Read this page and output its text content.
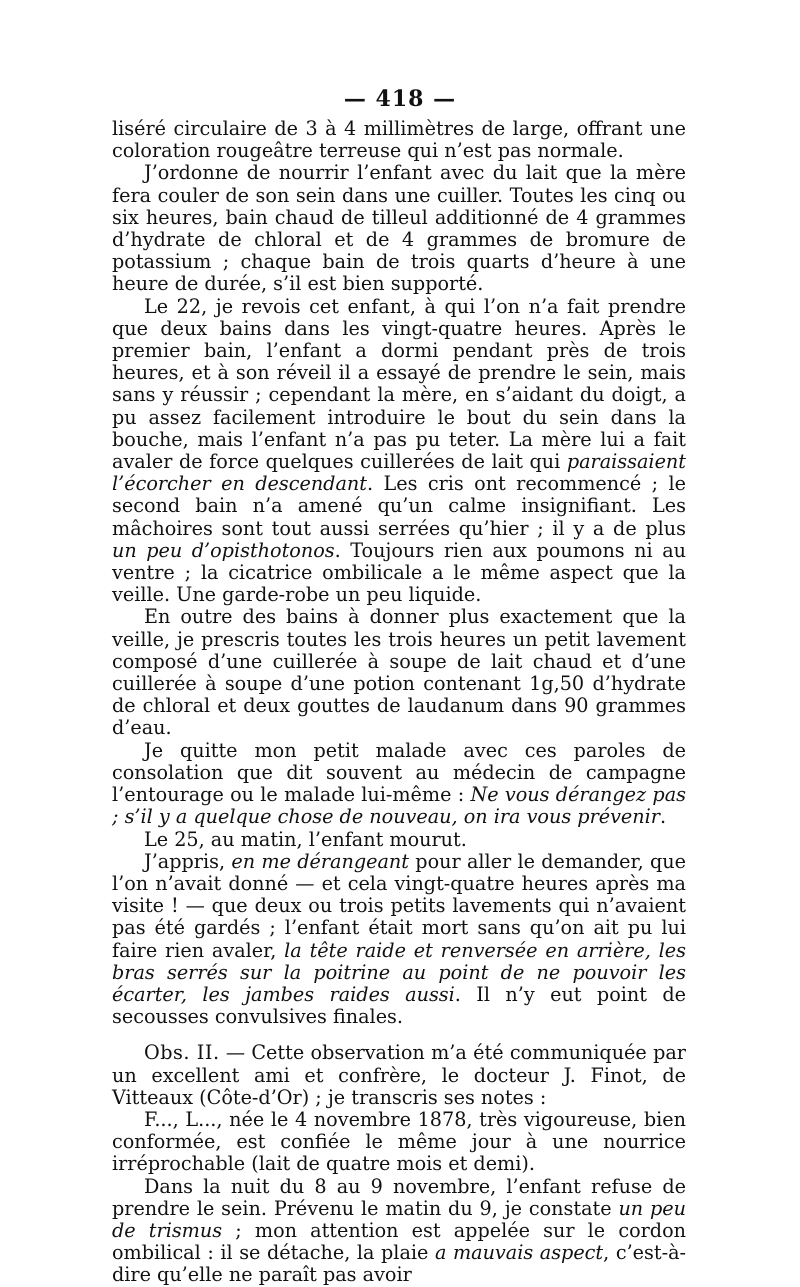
— 418 —

liséré circulaire de 3 à 4 millimètres de large, offrant une coloration rougeâtre terreuse qui n’est pas normale.

J’ordonne de nourrir l’enfant avec du lait que la mère fera couler de son sein dans une cuiller. Toutes les cinq ou six heures, bain chaud de tilleul additionné de 4 grammes d’hydrate de chloral et de 4 grammes de bromure de potassium ; chaque bain de trois quarts d’heure à une heure de durée, s’il est bien supporté.

Le 22, je revois cet enfant, à qui l’on n’a fait prendre que deux bains dans les vingt-quatre heures. Après le premier bain, l’enfant a dormi pendant près de trois heures, et à son réveil il a essayé de prendre le sein, mais sans y réussir ; cependant la mère, en s’aidant du doigt, a pu assez facilement introduire le bout du sein dans la bouche, mais l’enfant n’a pas pu teter. La mère lui a fait avaler de force quelques cuillerées de lait qui paraissaient l’écorcher en descendant. Les cris ont recommencé ; le second bain n’a amené qu’un calme insignifiant. Les mâchoires sont tout aussi serrées qu’hier ; il y a de plus un peu d’opisthotonos. Toujours rien aux poumons ni au ventre ; la cicatrice ombilicale a le même aspect que la veille. Une garde-robe un peu liquide.

En outre des bains à donner plus exactement que la veille, je prescris toutes les trois heures un petit lavement composé d’une cuillerée à soupe de lait chaud et d’une cuillerée à soupe d’une potion contenant 1g,50 d’hydrate de chloral et deux gouttes de laudanum dans 90 grammes d’eau.

Je quitte mon petit malade avec ces paroles de consolation que dit souvent au médecin de campagne l’entourage ou le malade lui-même : Ne vous dérangez pas ; s’il y a quelque chose de nouveau, on ira vous prévenir.

Le 25, au matin, l’enfant mourut.

J’appris, en me dérangeant pour aller le demander, que l’on n’avait donné — et cela vingt-quatre heures après ma visite ! — que deux ou trois petits lavements qui n’avaient pas été gardés ; l’enfant était mort sans qu’on ait pu lui faire rien avaler, la tête raide et renversée en arrière, les bras serrés sur la poitrine au point de ne pouvoir les écarter, les jambes raides aussi. Il n’y eut point de secousses convulsives finales.

Obs. II. — Cette observation m’a été communiquée par un excellent ami et confrère, le docteur J. Finot, de Vitteaux (Côte-d’Or) ; je transcris ses notes :

F..., L..., née le 4 novembre 1878, très vigoureuse, bien conformée, est confiée le même jour à une nourrice irréprochable (lait de quatre mois et demi).

Dans la nuit du 8 au 9 novembre, l’enfant refuse de prendre le sein. Prévenu le matin du 9, je constate un peu de trismus ; mon attention est appelée sur le cordon ombilical : il se détache, la plaie a mauvais aspect, c’est-à-dire qu’elle ne paraît pas avoir
